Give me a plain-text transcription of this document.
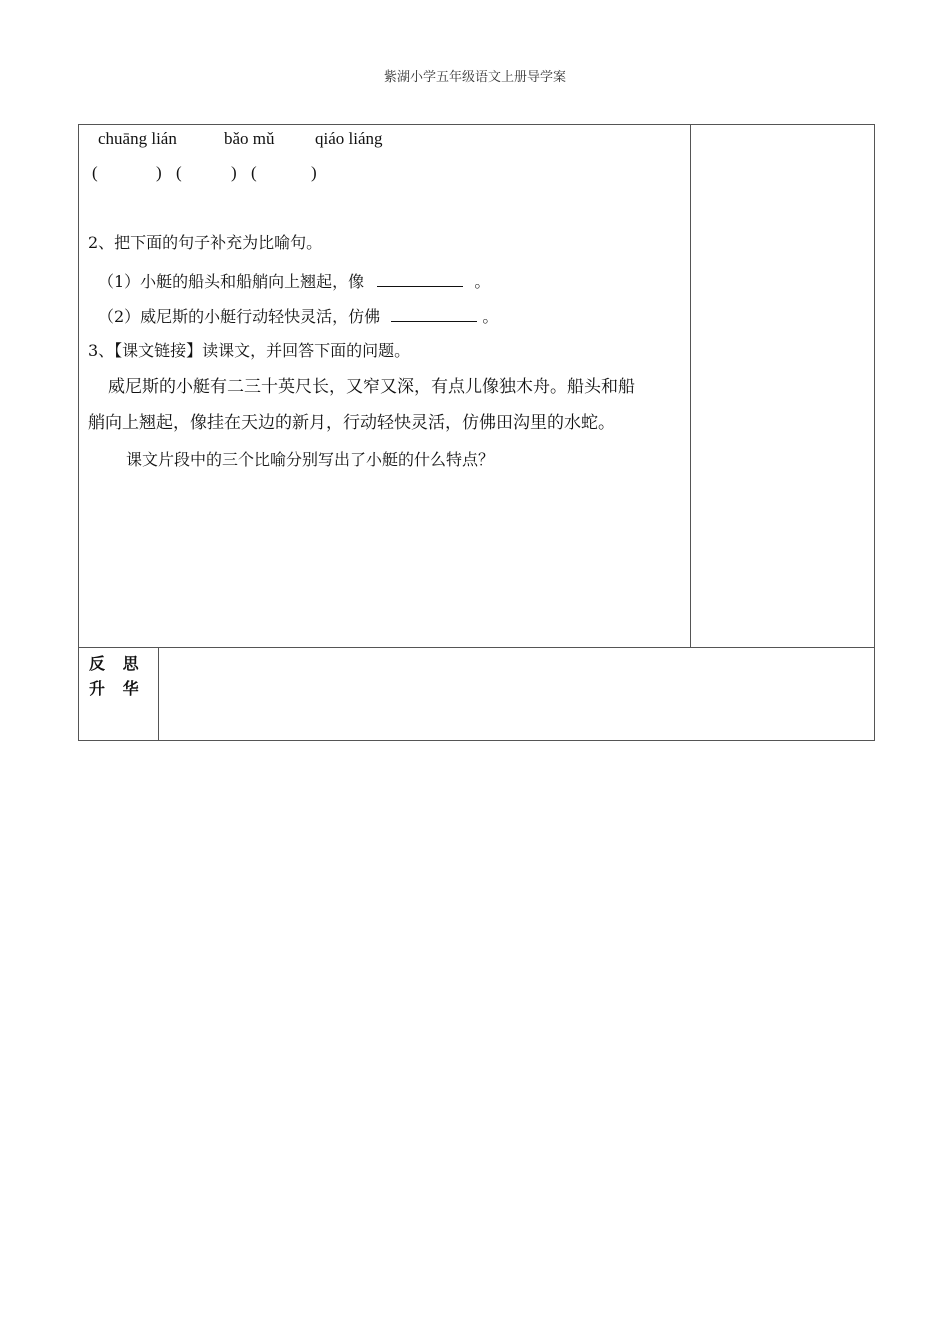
紫湖小学五年级语文上册导学案
chuāng lián	bǎo mǔ qiáo liáng
(	) (	) (	)
2、把下面的句子补充为比喻句。
（1）小艇的船头和船艄向上翘起，像	。
（2）威尼斯的小艇行动轻快灵活，仿佛	。
3、【课文链接】读课文，并回答下面的问题。
威尼斯的小艇有二三十英尺长，又窄又深，有点儿像独木舟。船头和船
艄向上翘起，像挂在天边的新月，行动轻快灵活，仿佛田沟里的水蛇。
课文片段中的三个比喻分别写出了小艇的什么特点？
反 思
升 华
